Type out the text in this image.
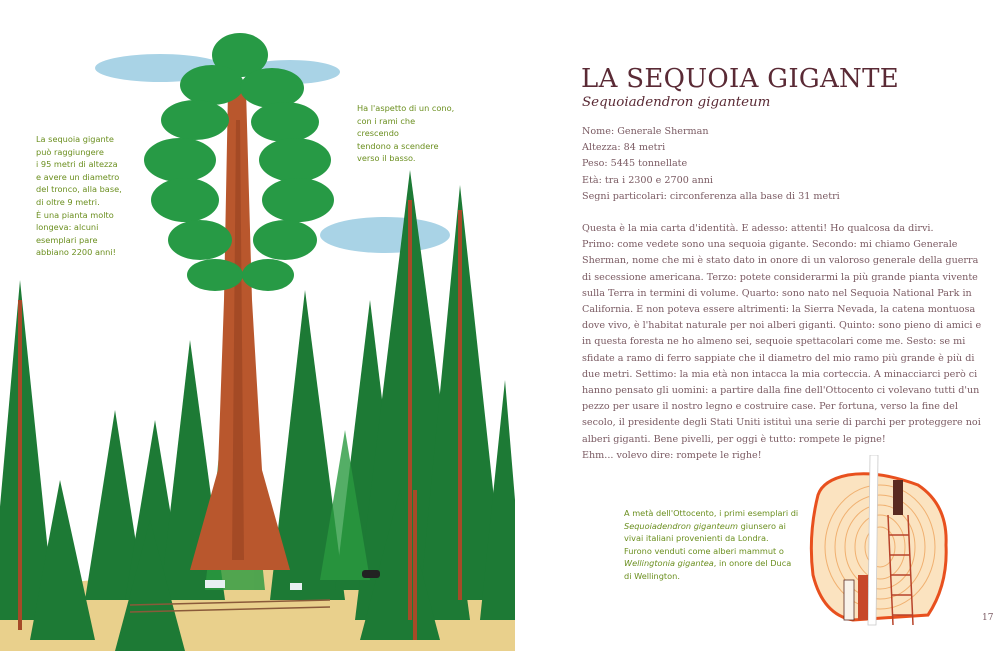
La sequoia gigante
può raggiungere
i 95 metri di altezza
e avere un diametro
del tronco, alla base,
di oltre 9 metri.
È una pianta molto
longeva: alcuni
esemplari pare
abbiano 2200 anni!
Ha l'aspetto di un cono,
con i rami che crescendo
tendono a scendere
verso il basso.
LA SEQUOIA GIGANTE
Sequoiadendron giganteum
Nome: Generale Sherman
Altezza: 84 metri
Peso: 5445 tonnellate
Età: tra i 2300 e 2700 anni
Segni particolari: circonferenza alla base di 31 metri

Questa è la mia carta d'identità. E adesso: attenti! Ho qualcosa da dirvi.

Primo: come vedete sono una sequoia gigante. Secondo: mi chiamo Generale Sherman, nome che mi è stato dato in onore di un valoroso generale della guerra di secessione americana. Terzo: potete considerarmi la più grande pianta vivente sulla Terra in termini di volume. Quarto: sono nato nel Sequoia National Park in California. E non poteva essere altrimenti: la Sierra Nevada, la catena montuosa dove vivo, è l'habitat naturale per noi alberi giganti. Quinto: sono pieno di amici e in questa foresta ne ho almeno sei, sequoie spettacolari come me. Sesto: se mi sfidate a ramo di ferro sappiate che il diametro del mio ramo più grande è più di due metri. Settimo: la mia età non intacca la mia corteccia. A minacciarci però ci hanno pensato gli uomini: a partire dalla fine dell'Ottocento ci volevano tutti d'un pezzo per usare il nostro legno e costruire case. Per fortuna, verso la fine del secolo, il presidente degli Stati Uniti istituì una serie di parchi per proteggere noi alberi giganti. Bene pivelli, per oggi è tutto: rompete le pigne!

Ehm... volevo dire: rompete le righe!

A metà dell'Ottocento, i primi esemplari di Sequoiadendron giganteum giunsero ai vivai italiani provenienti da Londra. Furono venduti come alberi mammut o Wellingtonia gigantea, in onore del Duca di Wellington.
17
